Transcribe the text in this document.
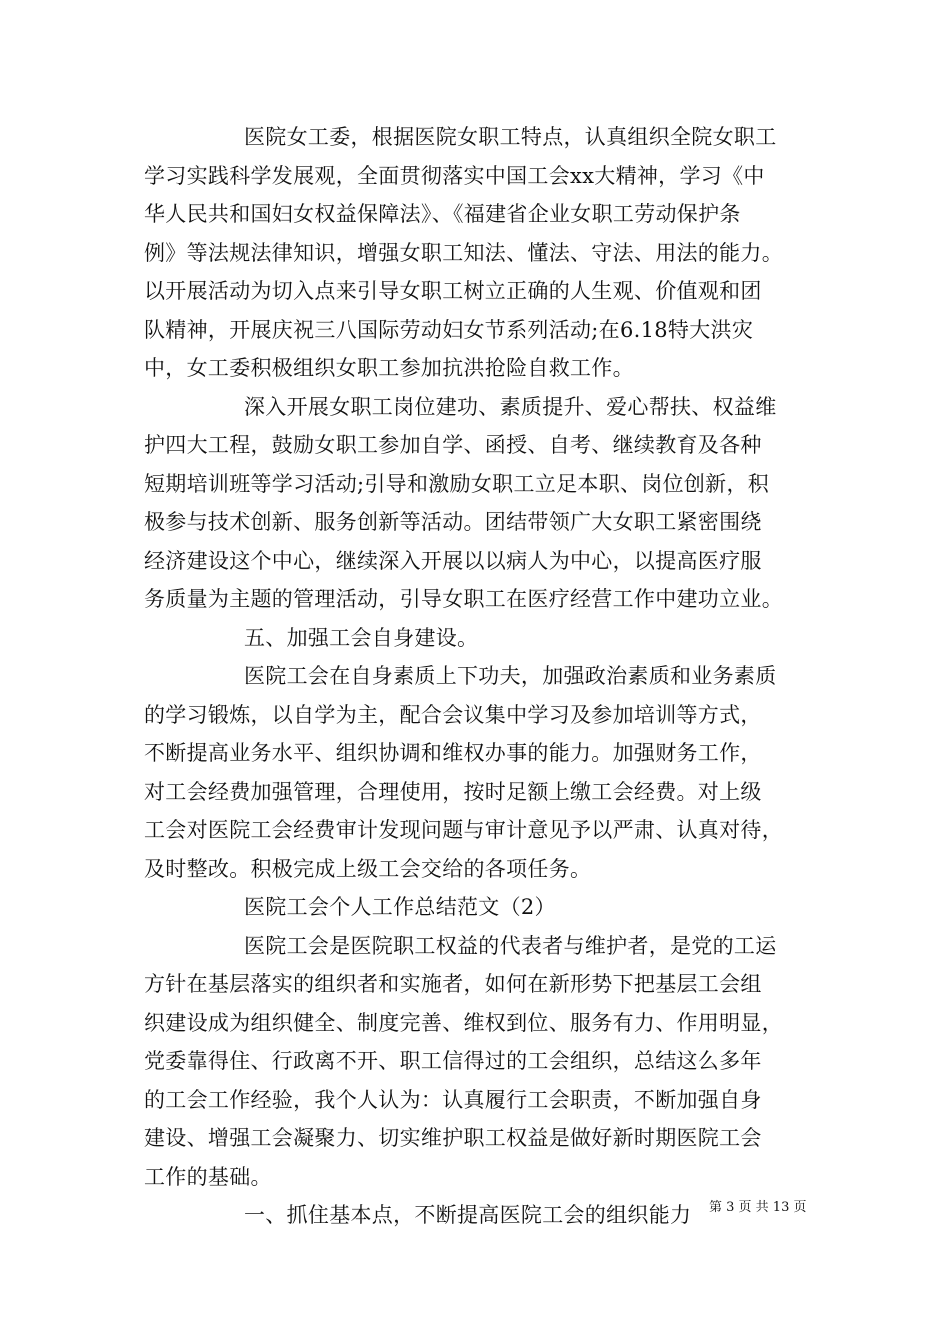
医院女工委，根据医院女职工特点，认真组织全院女职工
学习实践科学发展观，全面贯彻落实中国工会xx大精神，学习《中
华人民共和国妇女权益保障法》、《福建省企业女职工劳动保护条
例》等法规法律知识，增强女职工知法、懂法、守法、用法的能力。
以开展活动为切入点来引导女职工树立正确的人生观、价值观和团
队精神，开展庆祝三八国际劳动妇女节系列活动;在6.18特大洪灾
中，女工委积极组织女职工参加抗洪抢险自救工作。
深入开展女职工岗位建功、素质提升、爱心帮扶、权益维
护四大工程，鼓励女职工参加自学、函授、自考、继续教育及各种
短期培训班等学习活动;引导和激励女职工立足本职、岗位创新，积
极参与技术创新、服务创新等活动。团结带领广大女职工紧密围绕
经济建设这个中心，继续深入开展以以病人为中心，以提高医疗服
务质量为主题的管理活动，引导女职工在医疗经营工作中建功立业。
五、加强工会自身建设。
医院工会在自身素质上下功夫，加强政治素质和业务素质
的学习锻炼，以自学为主，配合会议集中学习及参加培训等方式，
不断提高业务水平、组织协调和维权办事的能力。加强财务工作，
对工会经费加强管理，合理使用，按时足额上缴工会经费。对上级
工会对医院工会经费审计发现问题与审计意见予以严肃、认真对待，
及时整改。积极完成上级工会交给的各项任务。
医院工会个人工作总结范文（2）
医院工会是医院职工权益的代表者与维护者，是党的工运
方针在基层落实的组织者和实施者，如何在新形势下把基层工会组
织建设成为组织健全、制度完善、维权到位、服务有力、作用明显，
党委靠得住、行政离不开、职工信得过的工会组织，总结这么多年
的工会工作经验，我个人认为：认真履行工会职责，不断加强自身
建设、增强工会凝聚力、切实维护职工权益是做好新时期医院工会
工作的基础。
一、抓住基本点，不断提高医院工会的组织能力	第 3 页 共 13 页
